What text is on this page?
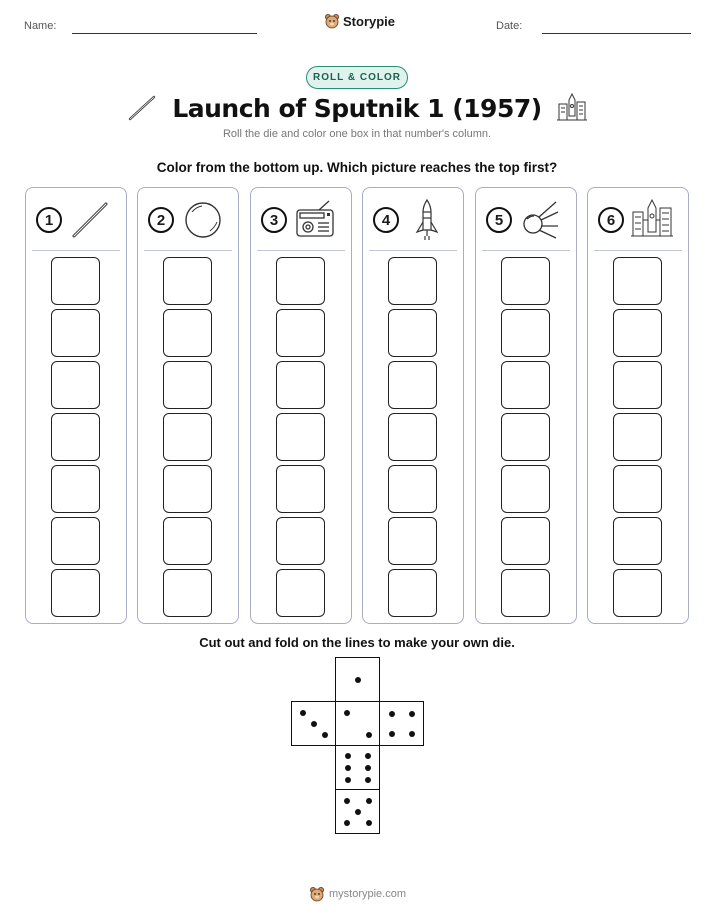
Name:	Storypie	Date:
ROLL & COLOR
Launch of Sputnik 1 (1957)
Roll the die and color one box in that number's column.
Color from the bottom up. Which picture reaches the top first?
1	2	3	4	5	6
Cut out and fold on the lines to make your own die.
mystorypie.com
